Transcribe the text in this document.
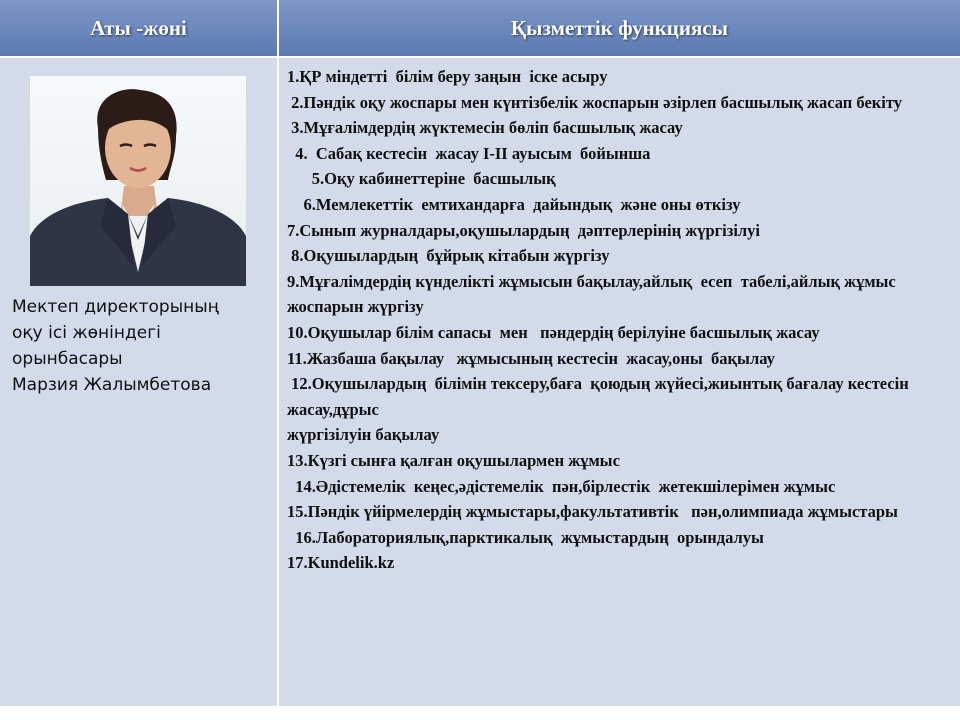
Аты -жөні	Қызметтік функциясы
Мектеп директорының
оқу ісі жөніндегі
орынбасары
Марзия Жалымбетова
1.ҚР міндетті  білім беру заңын  іске асыру
2.Пәндік оқу жоспары мен күнтізбелік жоспарын әзірлеп басшылық жасап бекіту
3.Мұғалімдердің жүктемесін бөліп басшылық жасау
4.  Сабақ кестесін  жасау I-II ауысым  бойынша
5.Оқу кабинеттеріне  басшылық
6.Мемлекеттік  емтихандарға  дайындық  және оны өткізу
7.Сынып журналдары,оқушылардың  дәптерлерінің жүргізілуі
8.Оқушылардың  бұйрық кітабын жүргізу
9.Мұғалімдердің күнделікті жұмысын бақылау,айлық  есеп  табелі,айлық жұмыс жоспарын жүргізу
10.Оқушылар білім сапасы  мен   пәндердің берілуіне басшылық жасау
11.Жазбаша бақылау   жұмысының кестесін  жасау,оны  бақылау
12.Оқушылардың  білімін тексеру,баға  қоюдың жүйесі,жиынтық бағалау кестесін  жасау,дұрыс
жүргізілуін бақылау
13.Күзгі сынға қалған оқушылармен жұмыс
14.Әдістемелік  кеңес,әдістемелік  пән,бірлестік  жетекшілерімен жұмыс
15.Пәндік үйірмелердің жұмыстары,факультативтік   пән,олимпиада жұмыстары
16.Лабораториялық,парктикалық  жұмыстардың  орындалуы
17.Kundelik.kz
